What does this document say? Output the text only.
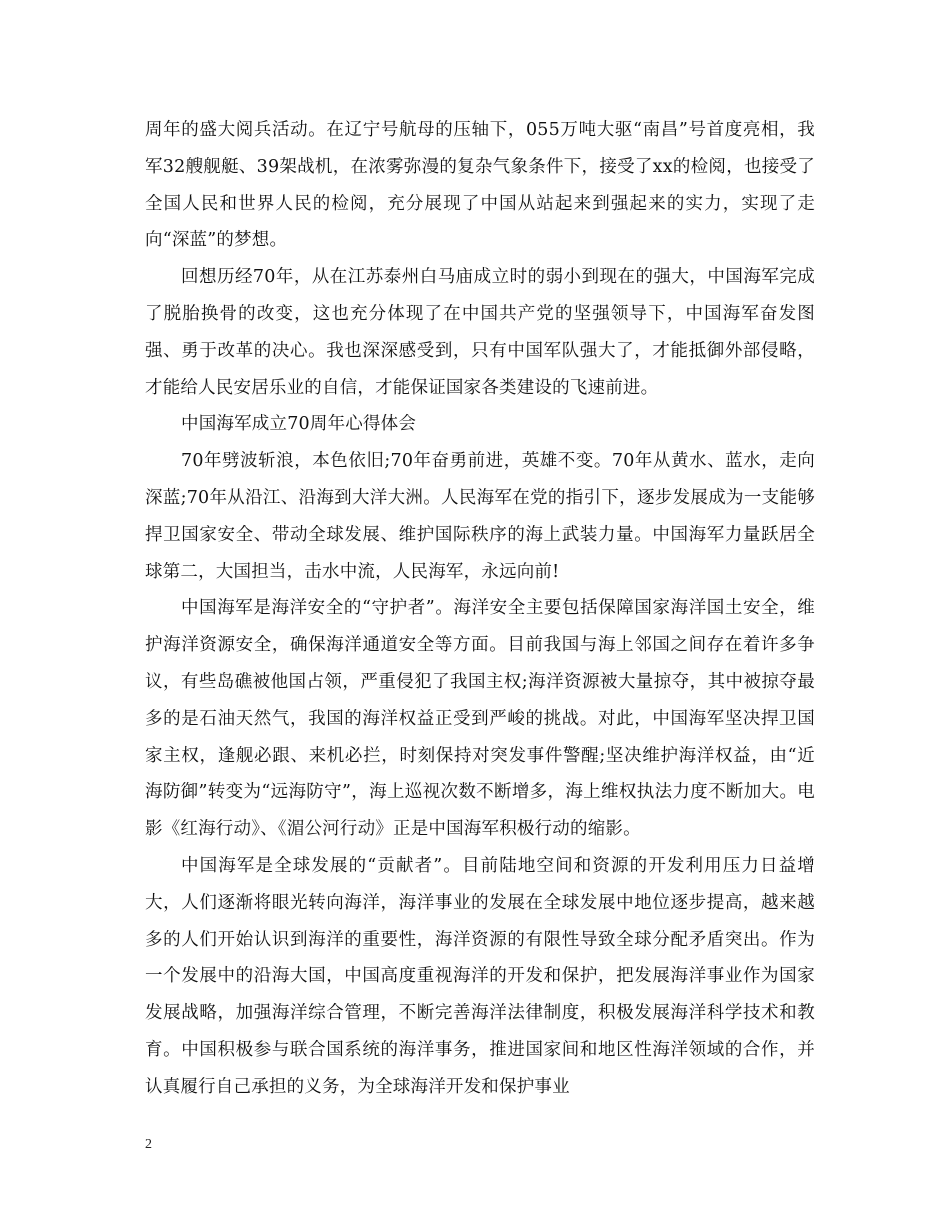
周年的盛大阅兵活动。在辽宁号航母的压轴下，055万吨大驱“南昌”号首度亮相，我军32艘舰艇、39架战机，在浓雾弥漫的复杂气象条件下，接受了xx的检阅，也接受了全国人民和世界人民的检阅，充分展现了中国从站起来到强起来的实力，实现了走向“深蓝”的梦想。

回想历经70年，从在江苏泰州白马庙成立时的弱小到现在的强大，中国海军完成了脱胎换骨的改变，这也充分体现了在中国共产党的坚强领导下，中国海军奋发图强、勇于改革的决心。我也深深感受到，只有中国军队强大了，才能抵御外部侵略，才能给人民安居乐业的自信，才能保证国家各类建设的飞速前进。

中国海军成立70周年心得体会

70年劈波斩浪，本色依旧;70年奋勇前进，英雄不变。70年从黄水、蓝水，走向深蓝;70年从沿江、沿海到大洋大洲。人民海军在党的指引下，逐步发展成为一支能够捍卫国家安全、带动全球发展、维护国际秩序的海上武装力量。中国海军力量跃居全球第二，大国担当，击水中流，人民海军，永远向前!

中国海军是海洋安全的“守护者”。海洋安全主要包括保障国家海洋国土安全，维护海洋资源安全，确保海洋通道安全等方面。目前我国与海上邻国之间存在着许多争议，有些岛礁被他国占领，严重侵犯了我国主权;海洋资源被大量掠夺，其中被掠夺最多的是石油天然气，我国的海洋权益正受到严峻的挑战。对此，中国海军坚决捍卫国家主权，逢舰必跟、来机必拦，时刻保持对突发事件警醒;坚决维护海洋权益，由“近海防御”转变为“远海防守”，海上巡视次数不断增多，海上维权执法力度不断加大。电影《红海行动》、《湄公河行动》正是中国海军积极行动的缩影。

中国海军是全球发展的“贡献者”。目前陆地空间和资源的开发利用压力日益增大，人们逐渐将眼光转向海洋，海洋事业的发展在全球发展中地位逐步提高，越来越多的人们开始认识到海洋的重要性，海洋资源的有限性导致全球分配矛盾突出。作为一个发展中的沿海大国，中国高度重视海洋的开发和保护，把发展海洋事业作为国家发展战略，加强海洋综合管理，不断完善海洋法律制度，积极发展海洋科学技术和教育。中国积极参与联合国系统的海洋事务，推进国家间和地区性海洋领域的合作，并认真履行自己承担的义务，为全球海洋开发和保护事业

2
